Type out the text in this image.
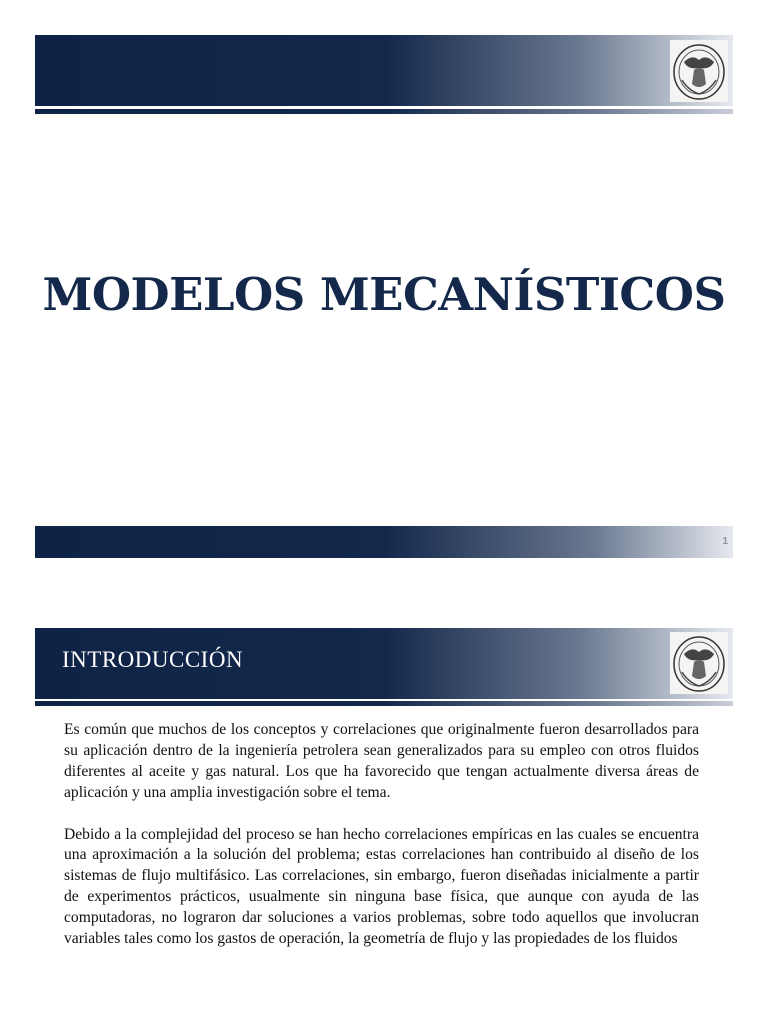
MODELOS MECANÍSTICOS
1
INTRODUCCIÓN

Es común que muchos de los conceptos y correlaciones que originalmente fueron desarrollados para su aplicación dentro de la ingeniería petrolera sean generalizados para su empleo con otros fluidos diferentes al aceite y gas natural. Los que ha favorecido que tengan actualmente diversa áreas de aplicación y una amplia investigación sobre el tema.

Debido a la complejidad del proceso se han hecho correlaciones empíricas en las cuales se encuentra una aproximación a la solución del problema; estas correlaciones han contribuido al diseño de los sistemas de flujo multifásico. Las correlaciones, sin embargo, fueron diseñadas inicialmente a partir de experimentos prácticos, usualmente sin ninguna base física, que aunque con ayuda de las computadoras, no lograron dar soluciones a varios problemas, sobre todo aquellos que involucran variables tales como los gastos de operación, la geometría de flujo y las propiedades de los fluidos
